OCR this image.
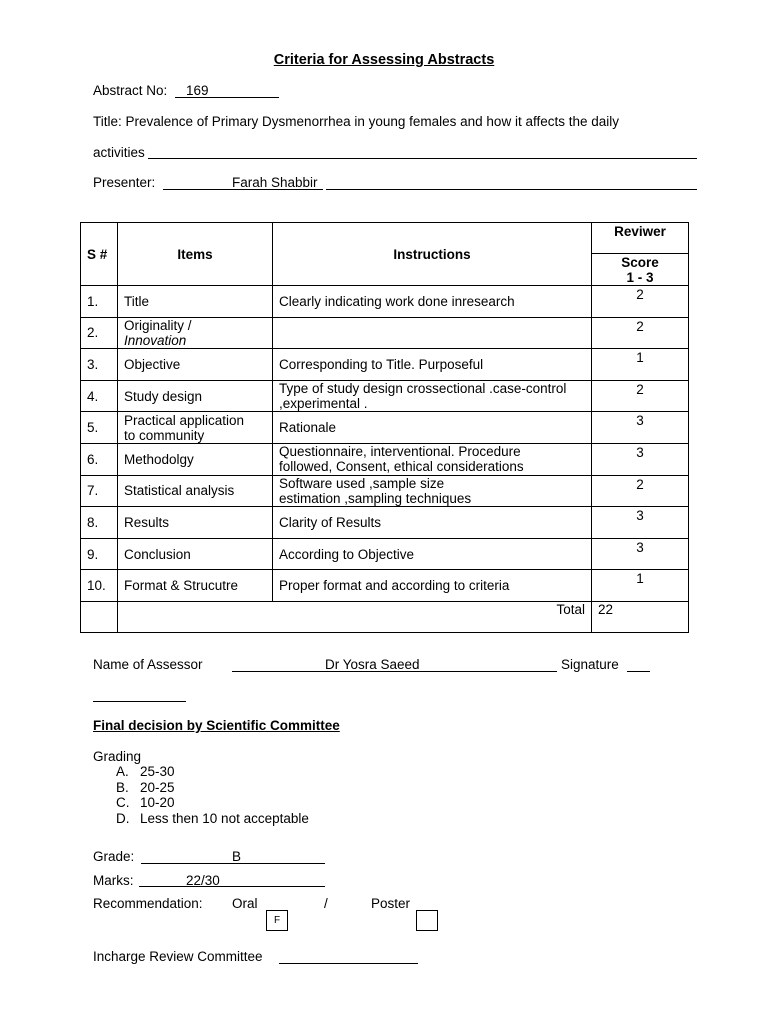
Criteria for Assessing Abstracts
Abstract No: 169
Title: Prevalence of Primary Dysmenorrhea in young females and how it affects the daily
activities
Presenter:	Farah Shabbir
S #	Items	Instructions	Reviwer

			Score
1 - 3

1.	Title	Clearly indicating work done inresearch	2

2.	Originality /
Innovation		2

3.	Objective	Corresponding to Title. Purposeful	1

4.	Study design	Type of study design crossectional .case-control
,experimental .	2

5.	Practical application
to community	Rationale	3

6.	Methodolgy	Questionnaire, interventional. Procedure
followed, Consent, ethical considerations	3

7.	Statistical analysis	Software used ,sample size
estimation ,sampling techniques	2

8.	Results	Clarity of Results	3

9.	Conclusion	According to Objective	3

10.	Format & Strucutre	Proper format and according to criteria	1

	Total		22
Name of Assessor	Dr Yosra Saeed	Signature
Final decision by Scientific Committee
Grading
A. 25-30
B. 20-25
C. 10-20
D. Less then 10 not acceptable
Grade:	B
Marks:	22/30
Recommendation: Oral	/	Poster
F
Incharge Review Committee
